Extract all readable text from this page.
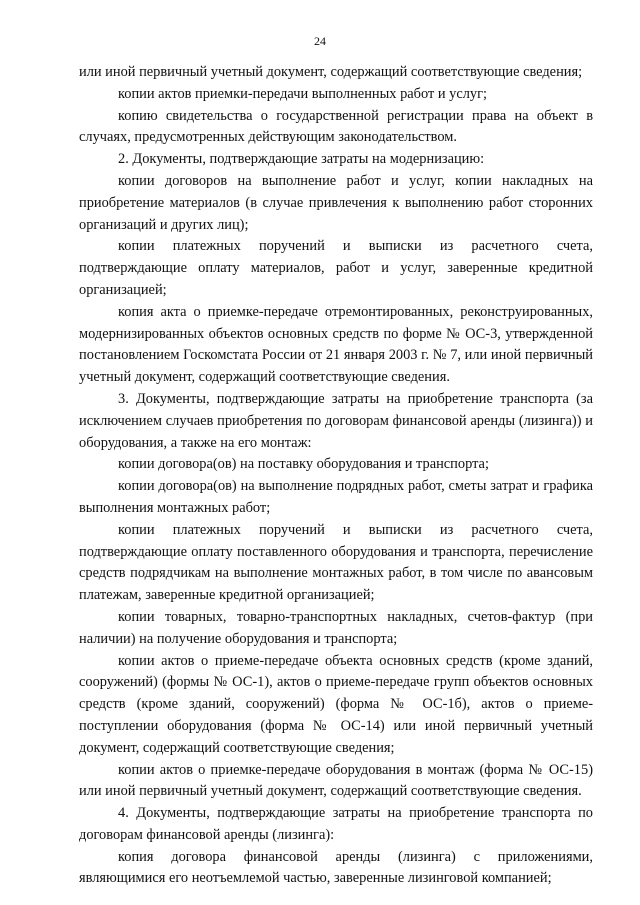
24

или иной первичный учетный документ, содержащий соответствующие сведения;

копии актов приемки-передачи выполненных работ и услуг;

копию свидетельства о государственной регистрации права на объект в случаях, предусмотренных действующим законодательством.

2. Документы, подтверждающие затраты на модернизацию:

копии договоров на выполнение работ и услуг, копии накладных на приобретение материалов (в случае привлечения к выполнению работ сторонних организаций и других лиц);

копии платежных поручений и выписки из расчетного счета, подтверждающие оплату материалов, работ и услуг, заверенные кредитной организацией;

копия акта о приемке-передаче отремонтированных, реконструированных, модернизированных объектов основных средств по форме № ОС-3, утвержденной постановлением Госкомстата России от 21 января 2003 г. № 7, или иной первичный учетный документ, содержащий соответствующие сведения.

3. Документы, подтверждающие затраты на приобретение транспорта (за исключением случаев приобретения по договорам финансовой аренды (лизинга)) и оборудования, а также на его монтаж:

копии договора(ов) на поставку оборудования и транспорта;

копии договора(ов) на выполнение подрядных работ, сметы затрат и графика выполнения монтажных работ;

копии платежных поручений и выписки из расчетного счета, подтверждающие оплату поставленного оборудования и транспорта, перечисление средств подрядчикам на выполнение монтажных работ, в том числе по авансовым платежам, заверенные кредитной организацией;

копии товарных, товарно-транспортных накладных, счетов-фактур (при наличии) на получение оборудования и транспорта;

копии актов о приеме-передаче объекта основных средств (кроме зданий, сооружений) (формы № ОС-1), актов о приеме-передаче групп объектов основных средств (кроме зданий, сооружений) (форма № ОС-1б), актов о приеме-поступлении оборудования (форма № ОС-14) или иной первичный учетный документ, содержащий соответствующие сведения;

копии актов о приемке-передаче оборудования в монтаж (форма № ОС-15) или иной первичный учетный документ, содержащий соответствующие сведения.

4. Документы, подтверждающие затраты на приобретение транспорта по договорам финансовой аренды (лизинга):

копия договора финансовой аренды (лизинга) с приложениями, являющимися его неотъемлемой частью, заверенные лизинговой компанией;
